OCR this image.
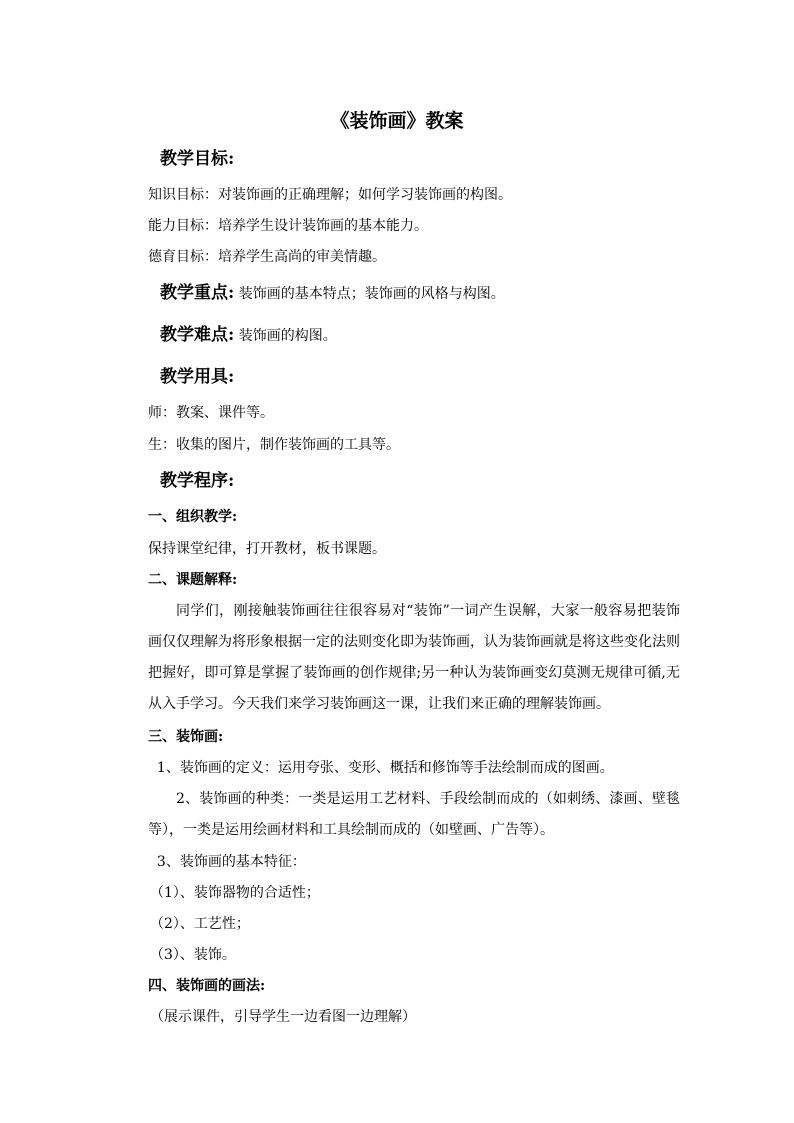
《装饰画》教案
教学目标:
知识目标：对装饰画的正确理解；如何学习装饰画的构图。
能力目标：培养学生设计装饰画的基本能力。
德育目标：培养学生高尚的审美情趣。
教学重点: 装饰画的基本特点；装饰画的风格与构图。
教学难点: 装饰画的构图。
教学用具:
师：教案、课件等。
生：收集的图片，制作装饰画的工具等。
教学程序:
一、组织教学:
保持课堂纪律，打开教材，板书课题。
二、课题解释:
同学们，刚接触装饰画往往很容易对“装饰”一词产生误解，大家一般容易把装饰画仅仅理解为将形象根据一定的法则变化即为装饰画，认为装饰画就是将这些变化法则把握好，即可算是掌握了装饰画的创作规律;另一种认为装饰画变幻莫测无规律可循,无从入手学习。今天我们来学习装饰画这一课，让我们来正确的理解装饰画。
三、装饰画:
1、装饰画的定义：运用夸张、变形、概括和修饰等手法绘制而成的图画。
2、装饰画的种类：一类是运用工艺材料、手段绘制而成的（如刺绣、漆画、壁毯等），一类是运用绘画材料和工具绘制而成的（如壁画、广告等）。
3、装饰画的基本特征：
（1）、装饰器物的合适性；
（2）、工艺性；
（3）、装饰。
四、装饰画的画法:
（展示课件，引导学生一边看图一边理解）
